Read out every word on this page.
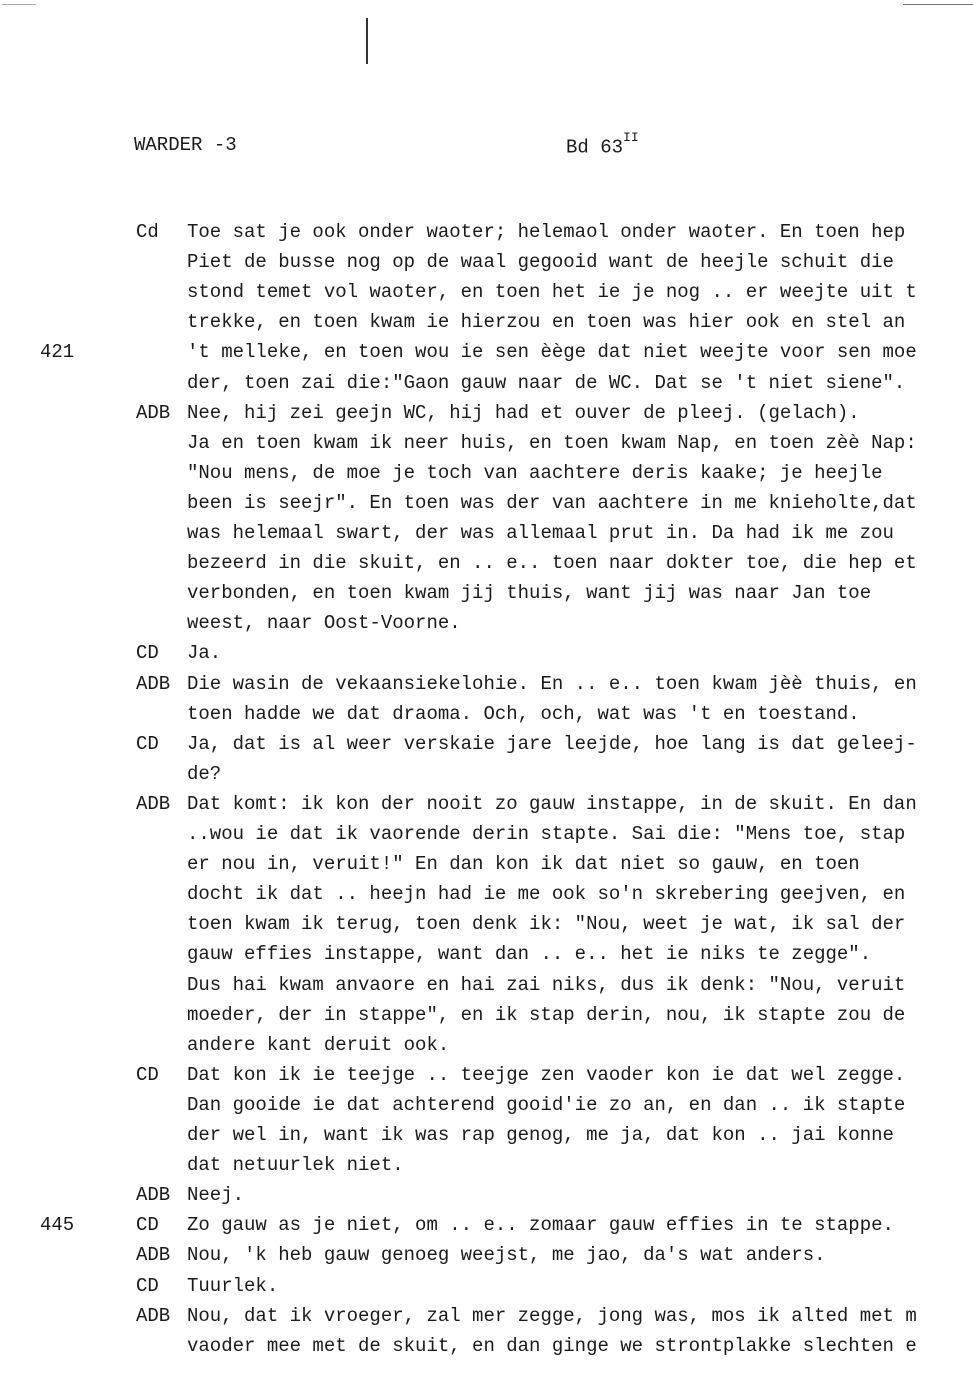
WARDER -3	Bd $63^{II}$
Cd Toe sat je ook onder waoter; helemaol onder waoter. En toen hep
Piet de busse nog op de waal gegooid want de heejle schuit die
stond temet vol waoter, en toen het ie je nog .. er weejte uit t
trekke, en toen kwam ie hierzou en toen was hier ook en stel an
421	't melleke, en toen wou ie sen èège dat niet weejte voor sen moe
der, toen zai die:"Gaon gauw naar de WC. Dat se 't niet siene".
ADB Nee, hij zei geejn WC, hij had et ouver de pleej. (gelach).
Ja en toen kwam ik neer huis, en toen kwam Nap, en toen zèè Nap:
"Nou mens, de moe je toch van aachtere deris kaake; je heejle
been is seejr". En toen was der van aachtere in me knieholte,dat
was helemaal swart, der was allemaal prut in. Da had ik me zou
bezeerd in die skuit, en .. e.. toen naar dokter toe, die hep et
verbonden, en toen kwam jij thuis, want jij was naar Jan toe
weest, naar Oost-Voorne.
CD Ja.
ADB Die wasin de vekaansiekelohie. En .. e.. toen kwam jèè thuis, en
toen hadde we dat draoma. Och, och, wat was 't en toestand.
CD Ja, dat is al weer verskaie jare leejde, hoe lang is dat geleej-
de?
ADB Dat komt: ik kon der nooit zo gauw instappe, in de skuit. En dan
..wou ie dat ik vaorende derin stapte. Sai die: "Mens toe, stap
er nou in, veruit!" En dan kon ik dat niet so gauw, en toen
docht ik dat .. heejn had ie me ook so'n skrebering geejven, en
toen kwam ik terug, toen denk ik: "Nou, weet je wat, ik sal der
gauw effies instappe, want dan .. e.. het ie niks te zegge".
Dus hai kwam anvaore en hai zai niks, dus ik denk: "Nou, veruit
moeder, der in stappe", en ik stap derin, nou, ik stapte zou de
andere kant deruit ook.
CD Dat kon ik ie teejge .. teejge zen vaoder kon ie dat wel zegge.
Dan gooide ie dat achterend gooid'ie zo an, en dan .. ik stapte
der wel in, want ik was rap genog, me ja, dat kon .. jai konne
dat netuurlek niet.
ADB Neej.
445	CD Zo gauw as je niet, om .. e.. zomaar gauw effies in te stappe.
ADB Nou, 'k heb gauw genoeg weejst, me jao, da's wat anders.
CD Tuurlek.
ADB Nou, dat ik vroeger, zal mer zegge, jong was, mos ik alted met m
vaoder mee met de skuit, en dan ginge we strontplakke slechten e
